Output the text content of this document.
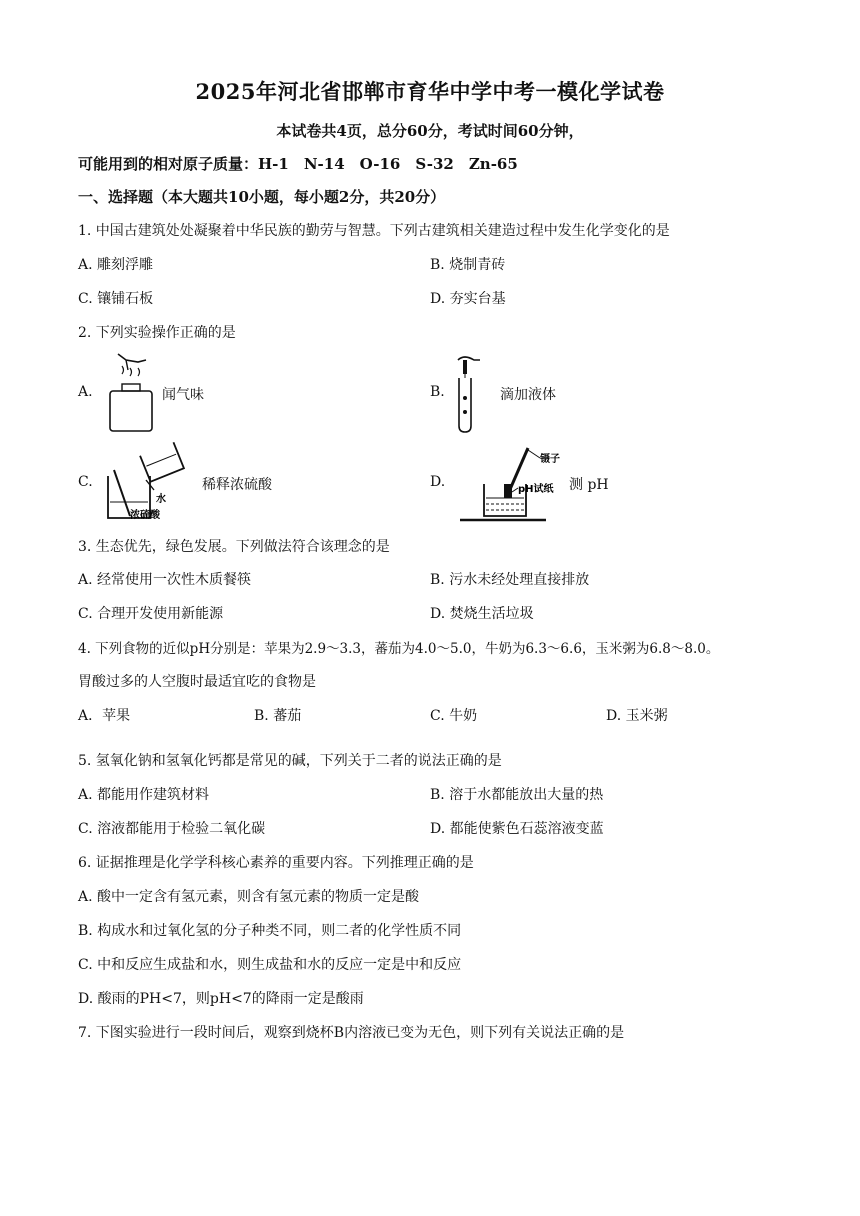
2025年河北省邯郸市育华中学中考一模化学试卷
本试卷共4页，总分60分，考试时间60分钟，
可能用到的相对原子质量：H-1　N-14　O-16　S-32　Zn-65
一、选择题（本大题共10小题，每小题2分，共20分）
1. 中国古建筑处处凝聚着中华民族的勤劳与智慧。下列古建筑相关建造过程中发生化学变化的是
A. 雕刻浮雕	B. 烧制青砖
C. 镶铺石板	D. 夯实台基
2. 下列实验操作正确的是
A.	闻气味	B.	滴加液体
C.
水
浓硫酸
稀释浓硫酸	D.
镊子
pH试纸 测 pH
3. 生态优先，绿色发展。下列做法符合该理念的是
A. 经常使用一次性木质餐筷	B. 污水未经处理直接排放
C. 合理开发使用新能源	D. 焚烧生活垃圾
4. 下列食物的近似pH分别是：苹果为2.9～3.3，蕃茄为4.0～5.0，牛奶为6.3～6.6，玉米粥为6.8～8.0。
胃酸过多的人空腹时最适宜吃的食物是
A．苹果	B. 蕃茄	C. 牛奶	D. 玉米粥
5. 氢氧化钠和氢氧化钙都是常见的碱，下列关于二者的说法正确的是
A. 都能用作建筑材料	B. 溶于水都能放出大量的热
C. 溶液都能用于检验二氧化碳	D. 都能使紫色石蕊溶液变蓝
6. 证据推理是化学学科核心素养的重要内容。下列推理正确的是
A. 酸中一定含有氢元素，则含有氢元素的物质一定是酸
B. 构成水和过氧化氢的分子种类不同，则二者的化学性质不同
C. 中和反应生成盐和水，则生成盐和水的反应一定是中和反应
D. 酸雨的PH<7，则pH<7的降雨一定是酸雨
7. 下图实验进行一段时间后，观察到烧杯B内溶液已变为无色，则下列有关说法正确的是
